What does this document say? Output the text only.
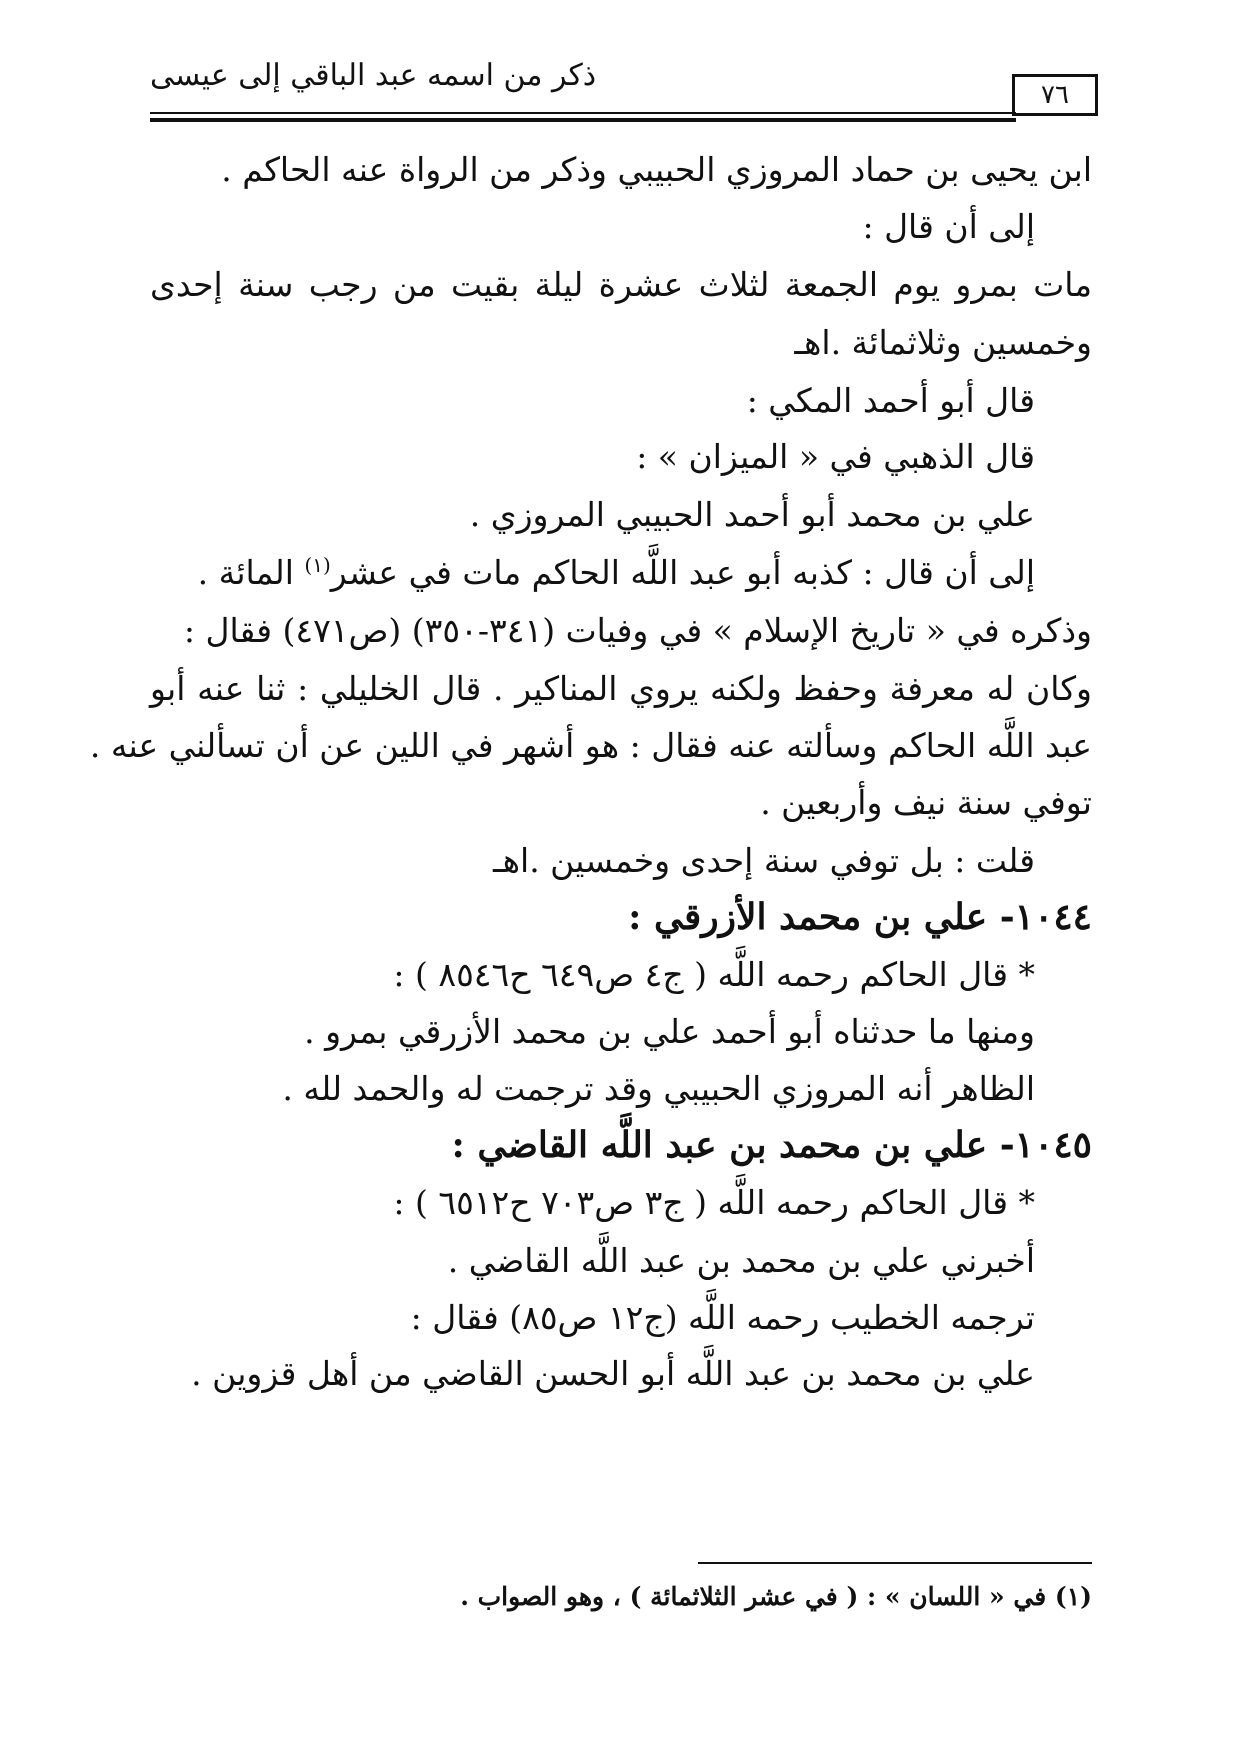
ذكر من اسمه عبد الباقي إلى عيسى
٧٦
ابن يحيى بن حماد المروزي الحبيبي وذكر من الرواة عنه الحاكم .
إلى أن قال :
مات بمرو يوم الجمعة لثلاث عشرة ليلة بقيت من رجب سنة إحدى
وخمسين وثلاثمائة .اهـ
قال أبو أحمد المكي :
قال الذهبي في « الميزان » :
علي بن محمد أبو أحمد الحبيبي المروزي .
إلى أن قال : كذبه أبو عبد اللَّه الحاكم مات في عشر$^{(١)}$ المائة .
وذكره في « تاريخ الإسلام » في وفيات (٣٤١-٣٥٠) (ص٤٧١) فقال :
وكان له معرفة وحفظ ولكنه يروي المناكير . قال الخليلي : ثنا عنه أبو
عبد اللَّه الحاكم وسألته عنه فقال : هو أشهر في اللين عن أن تسألني عنه .
توفي سنة نيف وأربعين .
قلت : بل توفي سنة إحدى وخمسين .اهـ
١٠٤٤- علي بن محمد الأزرقي :
* قال الحاكم رحمه اللَّه ( ج٤ ص٦٤٩ ح٨٥٤٦ ) :
ومنها ما حدثناه أبو أحمد علي بن محمد الأزرقي بمرو .
الظاهر أنه المروزي الحبيبي وقد ترجمت له والحمد لله .
١٠٤٥- علي بن محمد بن عبد اللَّه القاضي :
* قال الحاكم رحمه اللَّه ( ج٣ ص٧٠٣ ح٦٥١٢ ) :
أخبرني علي بن محمد بن عبد اللَّه القاضي .
ترجمه الخطيب رحمه اللَّه (ج١٢ ص٨٥) فقال :
علي بن محمد بن عبد اللَّه أبو الحسن القاضي من أهل قزوين .
(١) في « اللسان » : ( في عشر الثلاثمائة ) ، وهو الصواب .
